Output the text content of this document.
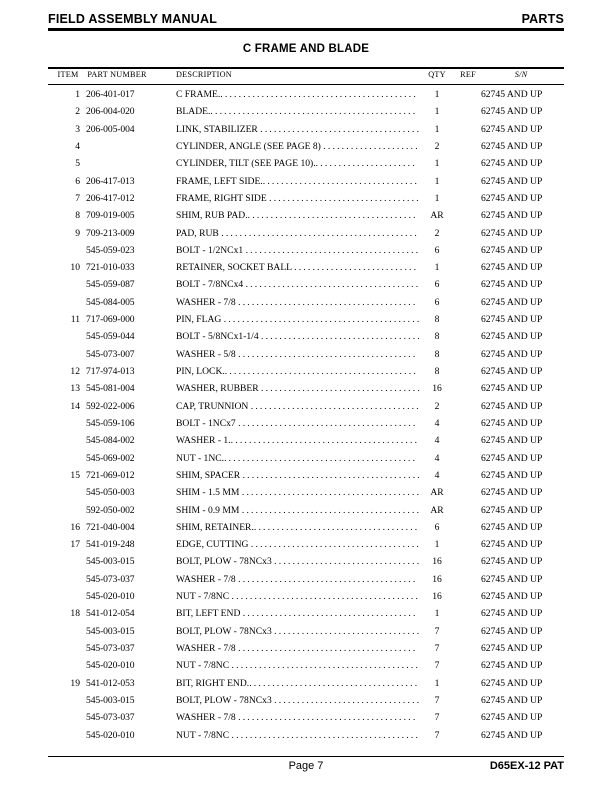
FIELD ASSEMBLY MANUAL	PARTS
C FRAME AND BLADE
ITEM	PART NUMBER	DESCRIPTION	QTY	REF	S/N
1 206-401-017	C FRAME............................................	1	62745 AND UP
2 206-004-020	BLADE..............................................	1	62745 AND UP
3 206-005-004	LINK, STABILIZER ...................................	1	62745 AND UP
4	CYLINDER, ANGLE (SEE PAGE 8) .....................	2	62745 AND UP
5	CYLINDER, TILT (SEE PAGE 10).......................	1	62745 AND UP
6 206-417-013	FRAME, LEFT SIDE...................................	1	62745 AND UP
7 206-417-012	FRAME, RIGHT SIDE .................................	1	62745 AND UP
8 709-019-005	SHIM, RUB PAD......................................	AR	62745 AND UP
9 709-213-009	PAD, RUB ...........................................	2	62745 AND UP
545-059-023	BOLT - 1/2NCx1 ......................................	6	62745 AND UP
10 721-010-033	RETAINER, SOCKET BALL ...........................	1	62745 AND UP
545-059-087	BOLT - 7/8NCx4 ......................................	6	62745 AND UP
545-084-005	WASHER - 7/8 .......................................	6	62745 AND UP
11 717-069-000	PIN, FLAG ...........................................	8	62745 AND UP
545-059-044	BOLT - 5/8NCx1-1/4 ...................................	8	62745 AND UP
545-073-007	WASHER - 5/8 .......................................	8	62745 AND UP
12 717-974-013	PIN, LOCK...........................................	8	62745 AND UP
13 545-081-004	WASHER, RUBBER ...................................	16	62745 AND UP
14 592-022-006	CAP, TRUNNION .....................................	2	62745 AND UP
545-059-106	BOLT - 1NCx7 .......................................	4	62745 AND UP
545-084-002	WASHER - 1..........................................	4	62745 AND UP
545-069-002	NUT - 1NC...........................................	4	62745 AND UP
15 721-069-012	SHIM, SPACER .......................................	4	62745 AND UP
545-050-003	SHIM - 1.5 MM ....................................... AR	62745 AND UP
592-050-002	SHIM - 0.9 MM ....................................... AR	62745 AND UP
16 721-040-004	SHIM, RETAINER.....................................	6	62745 AND UP
17 541-019-248	EDGE, CUTTING .....................................	1	62745 AND UP
545-003-015	BOLT, PLOW - 78NCx3 ................................	16	62745 AND UP
545-073-037	WASHER - 7/8 .......................................	16	62745 AND UP
545-020-010	NUT - 7/8NC .........................................	16	62745 AND UP
18 541-012-054	BIT, LEFT END ......................................	1	62745 AND UP
545-003-015	BOLT, PLOW - 78NCx3 ................................	7	62745 AND UP
545-073-037	WASHER - 7/8 .......................................	7	62745 AND UP
545-020-010	NUT - 7/8NC .........................................	7	62745 AND UP
19 541-012-053	BIT, RIGHT END......................................	1	62745 AND UP
545-003-015	BOLT, PLOW - 78NCx3 ................................	7	62745 AND UP
545-073-037	WASHER - 7/8 .......................................	7	62745 AND UP
545-020-010	NUT - 7/8NC .........................................	7	62745 AND UP
Page 7	D65EX-12 PAT
